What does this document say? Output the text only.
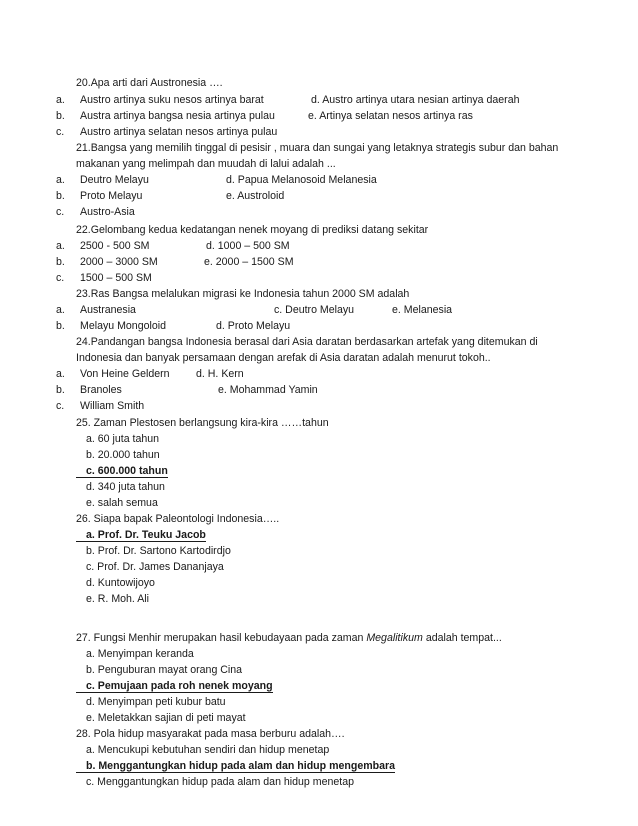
20.Apa arti dari Austronesia ….
a. Austro artinya suku nesos artinya barat	d. Austro artinya utara nesian artinya daerah
b. Austra artinya bangsa nesia artinya pulau	e. Artinya selatan nesos artinya ras
c. Austro artinya selatan nesos artinya pulau
21.Bangsa yang memilih tinggal di pesisir , muara dan sungai yang letaknya strategis subur dan bahan
makanan yang melimpah dan muudah di lalui adalah ...
a. Deutro Melayu	d. Papua Melanosoid Melanesia
b. Proto Melayu	e. Austroloid
c. Austro-Asia
22.Gelombang kedua kedatangan nenek moyang di prediksi datang sekitar
a. 2500 - 500 SM	d. 1000 – 500 SM
b. 2000 – 3000 SM	e. 2000 – 1500 SM
c. 1500 – 500 SM
23.Ras Bangsa melalukan migrasi ke Indonesia tahun 2000 SM adalah
a. Austranesia	c. Deutro Melayu	e. Melanesia
b. Melayu Mongoloid	d. Proto Melayu
24.Pandangan bangsa Indonesia berasal dari Asia daratan berdasarkan artefak yang ditemukan di
Indonesia dan banyak persamaan dengan arefak di Asia daratan adalah menurut tokoh..
a. Von Heine Geldern d. H. Kern
b. Branoles	e. Mohammad Yamin
c. William Smith
25. Zaman Plestosen berlangsung kira-kira ……tahun
a. 60 juta tahun
b. 20.000 tahun
c. 600.000 tahun
d. 340 juta tahun
e. salah semua
26. Siapa bapak Paleontologi Indonesia…..
a. Prof. Dr. Teuku Jacob
b. Prof. Dr. Sartono Kartodirdjo
c. Prof. Dr. James Dananjaya
d. Kuntowijoyo
e. R. Moh. Ali
27. Fungsi Menhir merupakan hasil kebudayaan pada zaman Megalitikum adalah tempat...
a. Menyimpan keranda
b. Penguburan mayat orang Cina
c. Pemujaan pada roh nenek moyang
d. Menyimpan peti kubur batu
e. Meletakkan sajian di peti mayat
28. Pola hidup masyarakat pada masa berburu adalah….
a. Mencukupi kebutuhan sendiri dan hidup menetap
b. Menggantungkan hidup pada alam dan hidup mengembara
c. Menggantungkan hidup pada alam dan hidup menetap
